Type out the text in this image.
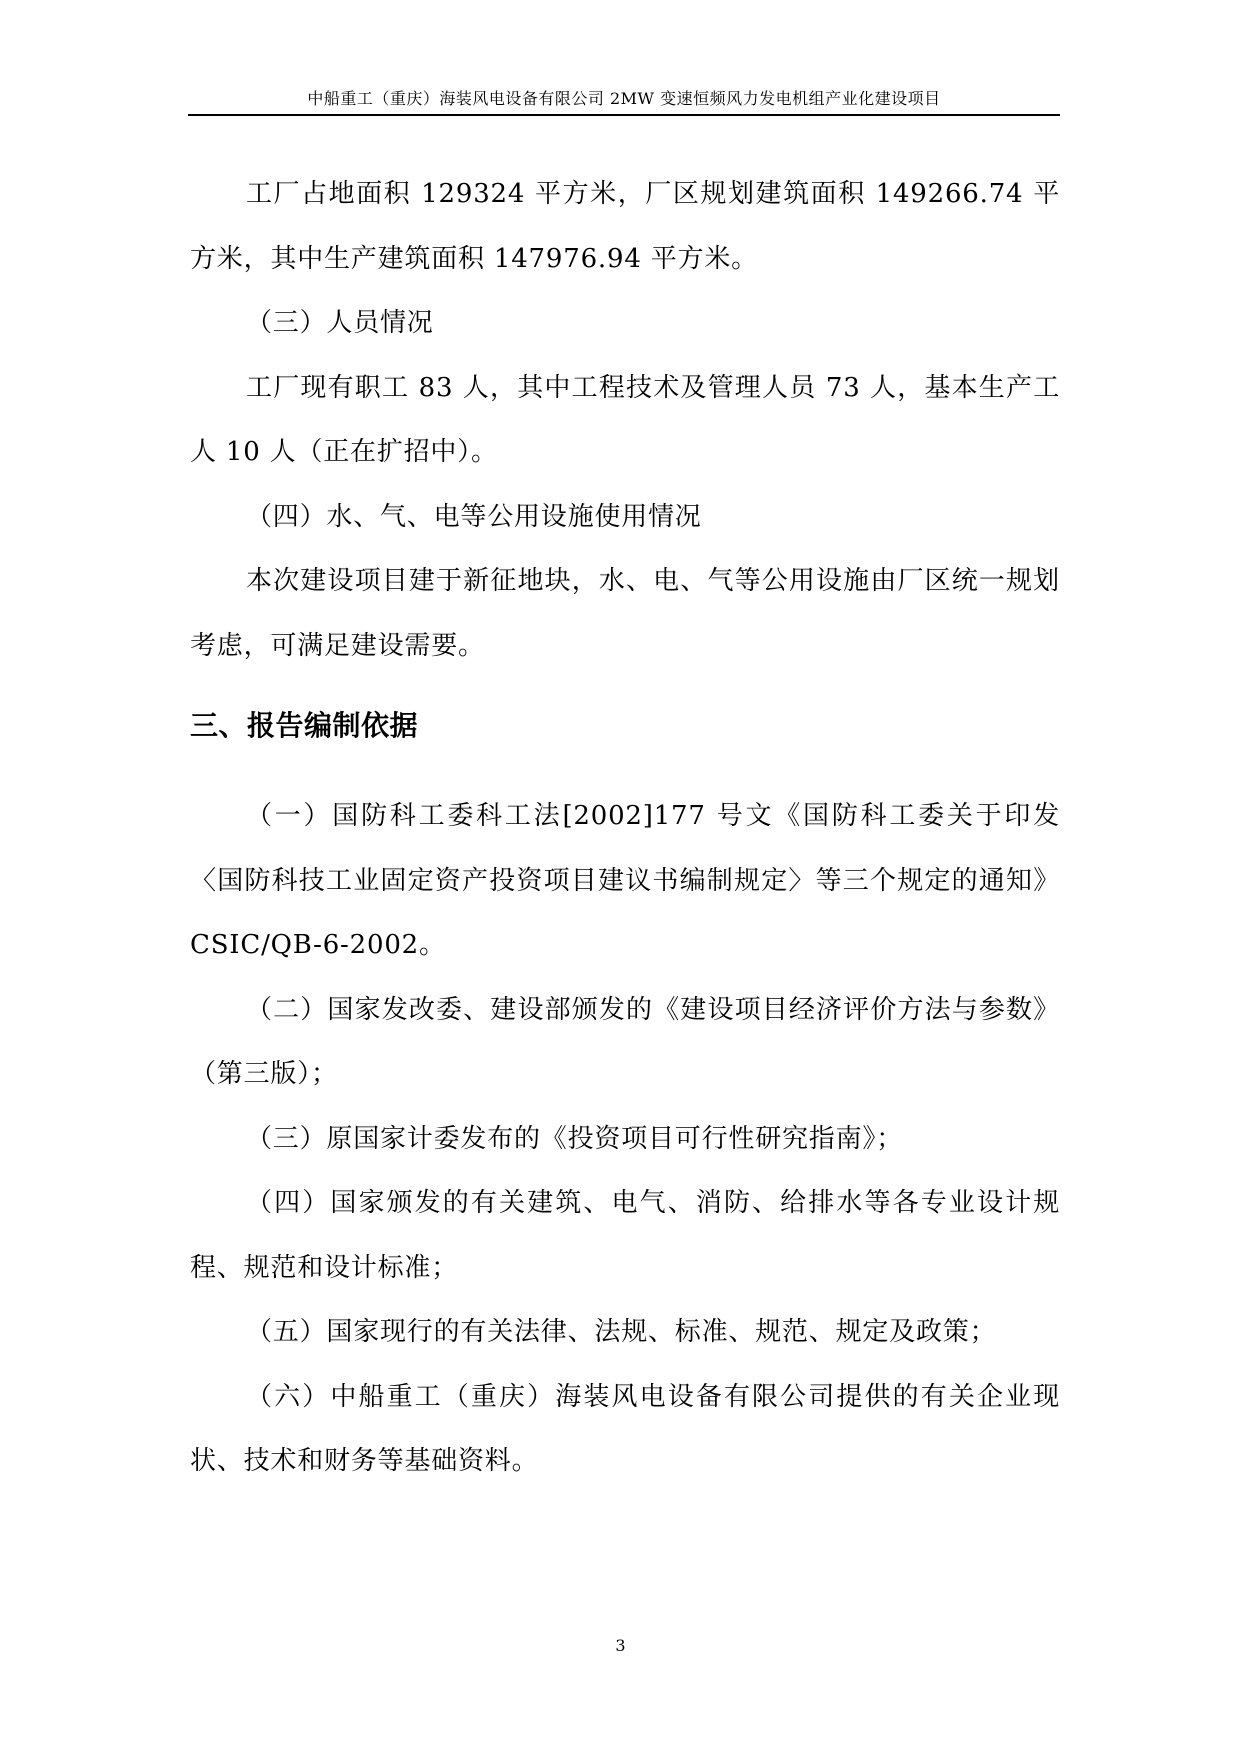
中船重工（重庆）海装风电设备有限公司 2MW 变速恒频风力发电机组产业化建设项目

工厂占地面积 129324 平方米，厂区规划建筑面积 149266.74 平方米，其中生产建筑面积 147976.94 平方米。

（三）人员情况

工厂现有职工 83 人，其中工程技术及管理人员 73 人，基本生产工人 10 人（正在扩招中）。

（四）水、气、电等公用设施使用情况

本次建设项目建于新征地块，水、电、气等公用设施由厂区统一规划考虑，可满足建设需要。

三、报告编制依据

（一）国防科工委科工法[2002]177 号文《国防科工委关于印发〈国防科技工业固定资产投资项目建议书编制规定〉等三个规定的通知》CSIC/QB-6-2002。

（二）国家发改委、建设部颁发的《建设项目经济评价方法与参数》（第三版）；

（三）原国家计委发布的《投资项目可行性研究指南》；

（四）国家颁发的有关建筑、电气、消防、给排水等各专业设计规程、规范和设计标准；

（五）国家现行的有关法律、法规、标准、规范、规定及政策；

（六）中船重工（重庆）海装风电设备有限公司提供的有关企业现状、技术和财务等基础资料。

3
